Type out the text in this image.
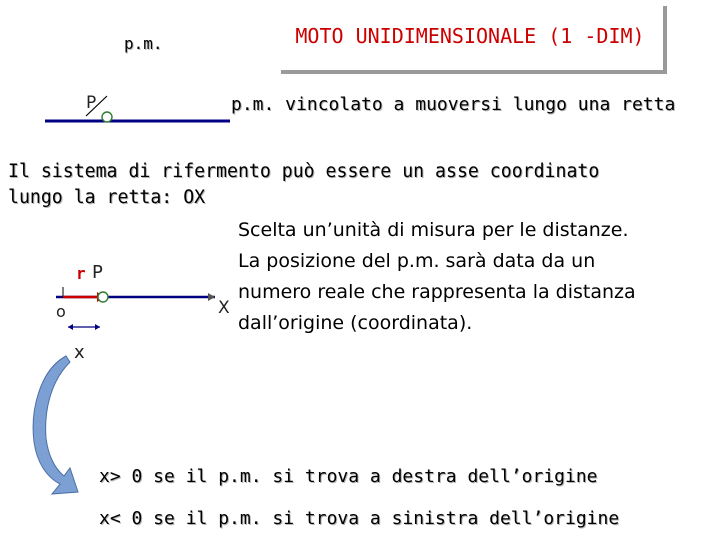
MOTO UNIDIMENSIONALE (1 -DIM)
p.m.
P	p.m. vincolato a muoversi lungo una retta
Il sistema di rifermento può essere un asse coordinato
lungo la retta: OX
r P
o	X
x
Scelta un’unità di misura per le distanze.
La posizione del p.m. sarà data da un
numero reale che rappresenta la distanza
dall’origine (coordinata).
x> 0 se il p.m. si trova a destra dell’origine
x< 0 se il p.m. si trova a sinistra dell’origine
